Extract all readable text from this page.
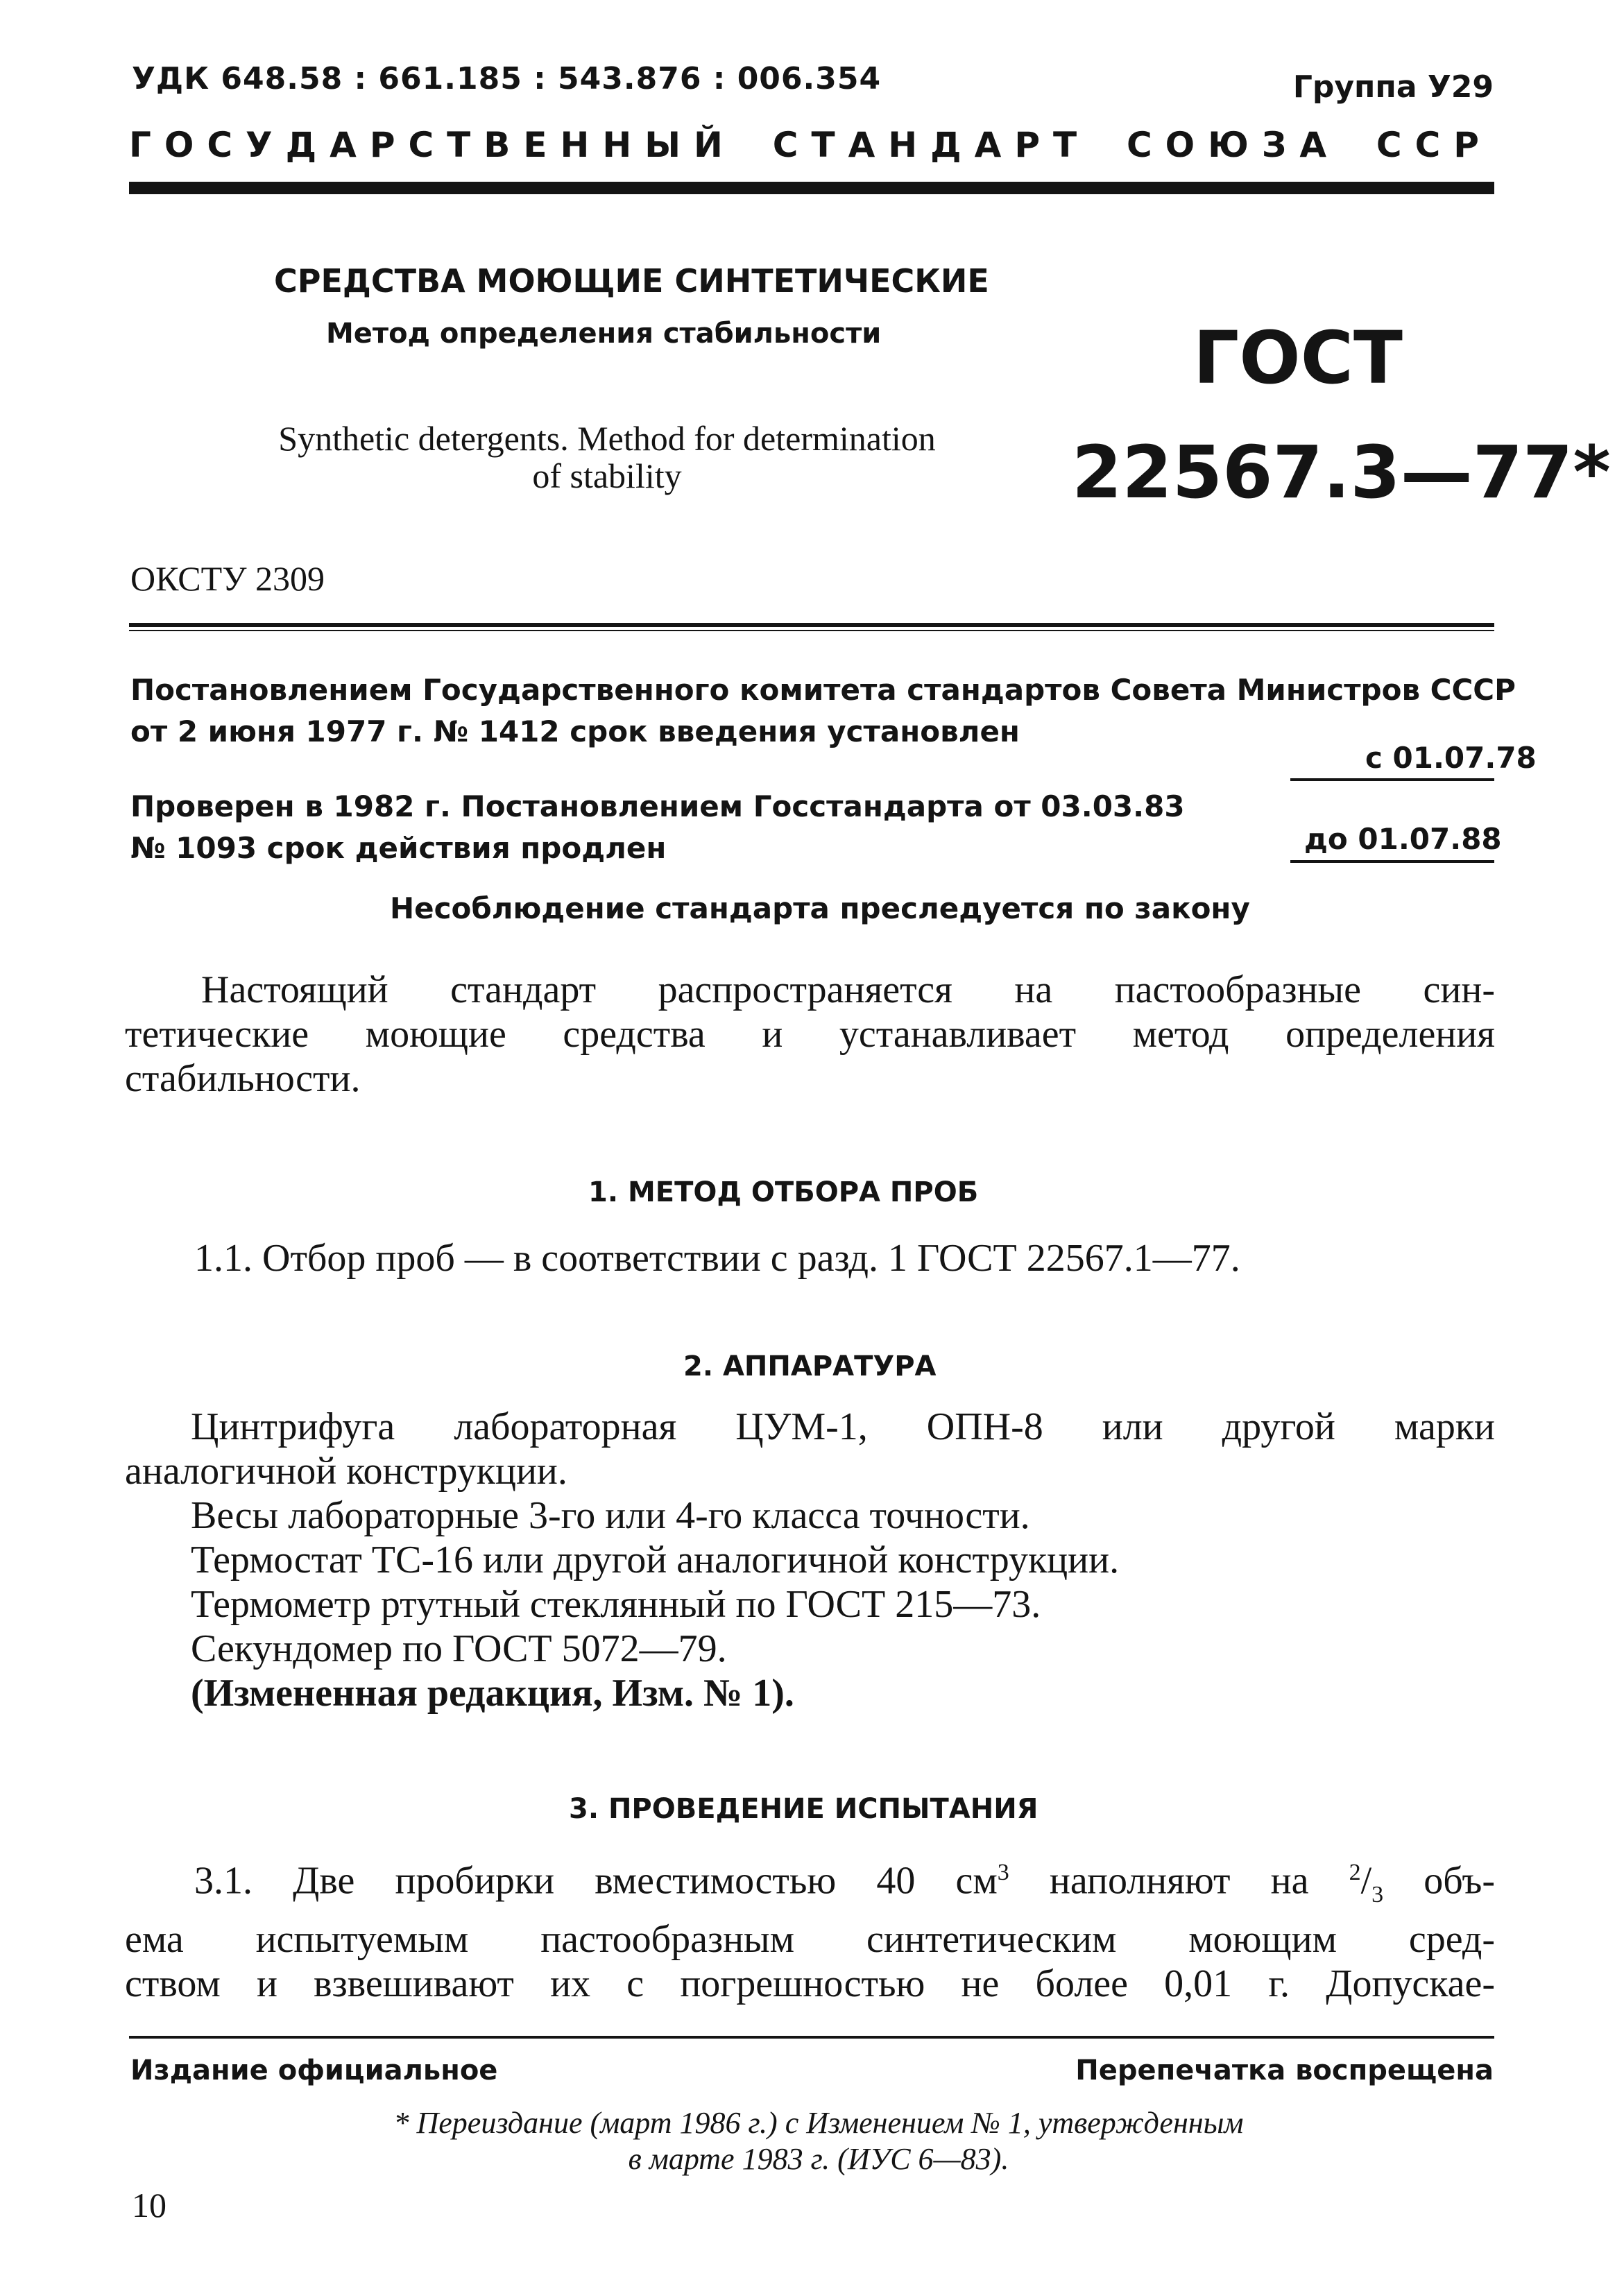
УДК 648.58 : 661.185 : 543.876 : 006.354	Группа У29
ГОСУДАРСТВЕННЫЙ СТАНДАРТ СОЮЗА ССР
СРЕДСТВА МОЮЩИЕ СИНТЕТИЧЕСКИЕ
Метод определения стабильности
Synthetic detergents. Method for determination
of stability
ГОСТ
22567.3—77*
ОКСТУ 2309
Постановлением Государственного комитета стандартов Совета Министров СССР
от 2 июня 1977 г. № 1412 срок введения установлен
с 01.07.78
Проверен в 1982 г. Постановлением Госстандарта от 03.03.83
№ 1093 срок действия продлен	до 01.07.88
Несоблюдение стандарта преследуется по закону
Настоящий стандарт распространяется на пастообразные син-
тетические моющие средства и устанавливает метод определения
стабильности.
1. МЕТОД ОТБОРА ПРОБ
1.1. Отбор проб — в соответствии с разд. 1 ГОСТ 22567.1—77.
2. АППАРАТУРА
Цинтрифуга лабораторная ЦУМ-1, ОПН-8 или другой марки
аналогичной конструкции.
Весы лабораторные 3-го или 4-го класса точности.
Термостат ТС-16 или другой аналогичной конструкции.
Термометр ртутный стеклянный по ГОСТ 215—73.
Секундомер по ГОСТ 5072—79.
(Измененная редакция, Изм. № 1).
3. ПРОВЕДЕНИЕ ИСПЫТАНИЯ
3.1. Две пробирки вместимостью 40 $см^3$ наполняют на $^2/_3$ объ-
ема испытуемым пастообразным синтетическим моющим сред-
ством и взвешивают их с погрешностью не более 0,01 г. Допускае-
Издание официальное	Перепечатка воспрещена
* Переиздание (март 1986 г.) с Изменением № 1, утвержденным
в марте 1983 г. (ИУС 6—83).
10
